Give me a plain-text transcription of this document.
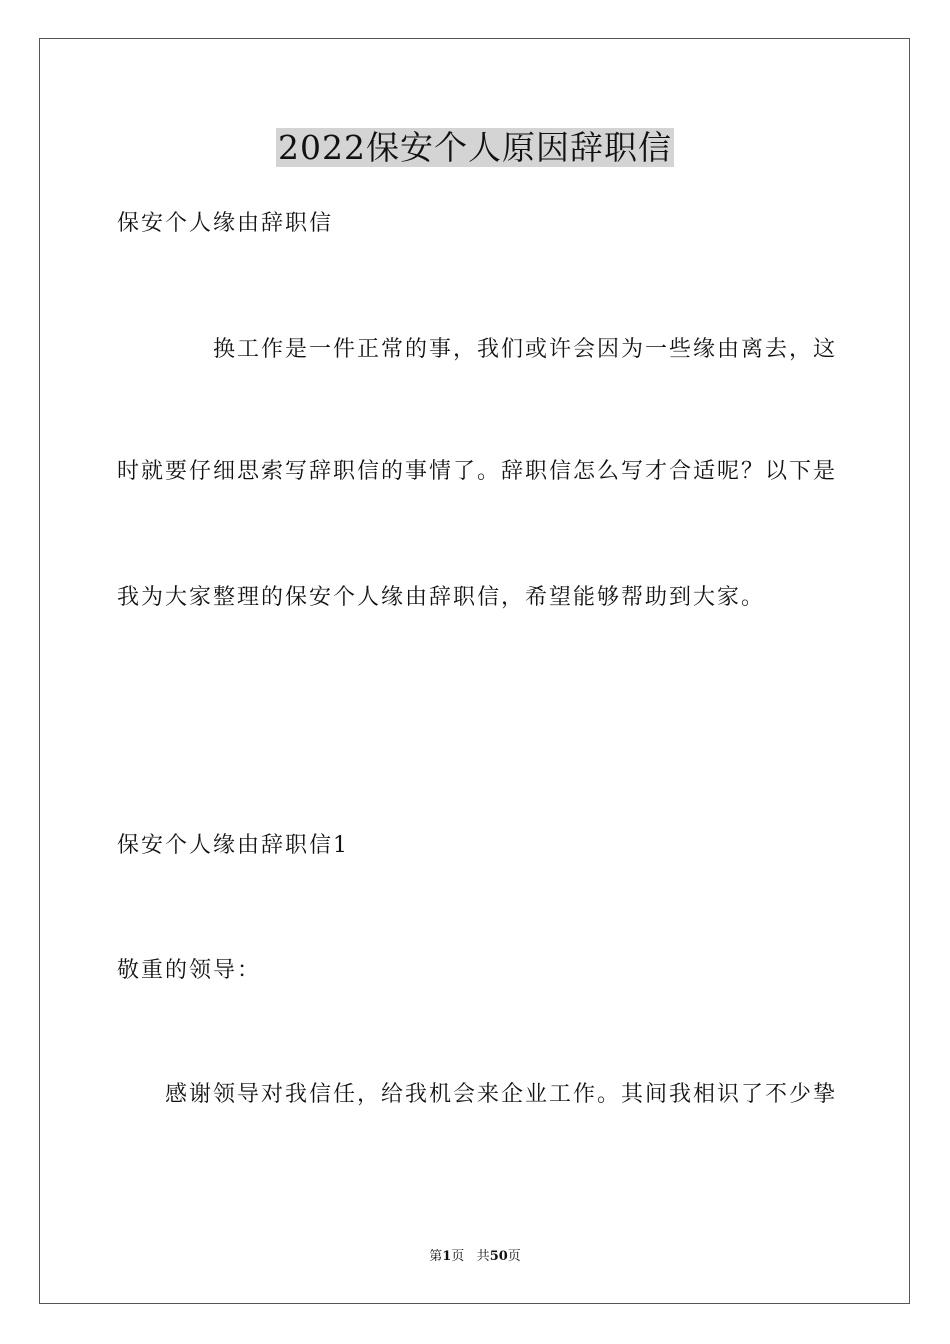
2022保安个人原因辞职信
保安个人缘由辞职信
换工作是一件正常的事，我们或许会因为一些缘由离去，这
时就要仔细思索写辞职信的事情了。辞职信怎么写才合适呢？以下是
我为大家整理的保安个人缘由辞职信，希望能够帮助到大家。
保安个人缘由辞职信1
敬重的领导：
感谢领导对我信任，给我机会来企业工作。其间我相识了不少挚
第1页 共50页
